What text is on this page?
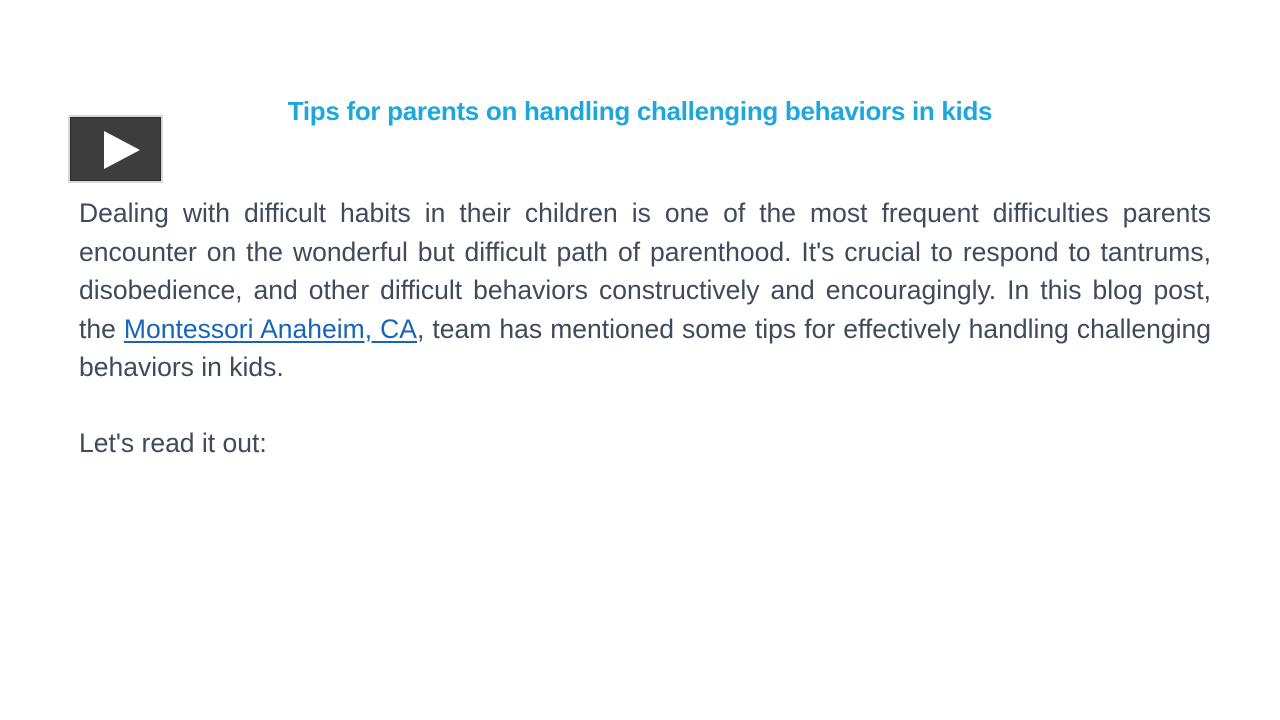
Tips for parents on handling challenging behaviors in kids

Dealing with difficult habits in their children is one of the most frequent difficulties parents encounter on the wonderful but difficult path of parenthood. It's crucial to respond to tantrums, disobedience, and other difficult behaviors constructively and encouragingly. In this blog post, the Montessori Anaheim, CA, team has mentioned some tips for effectively handling challenging behaviors in kids.

Let's read it out:
